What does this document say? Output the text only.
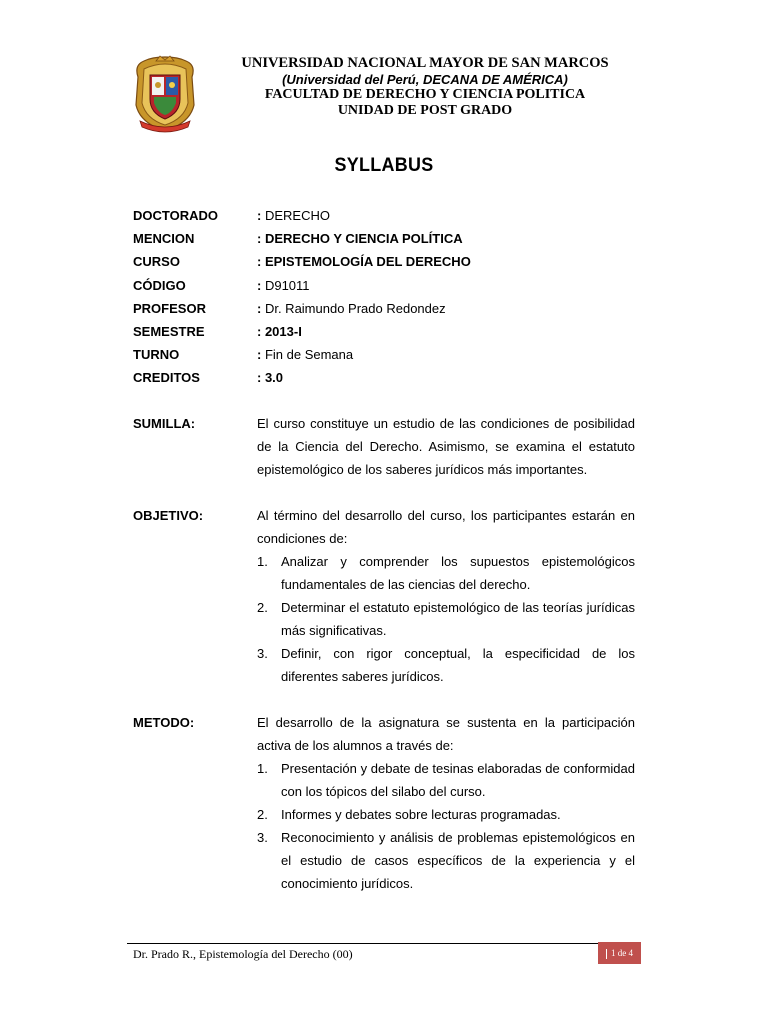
UNIVERSIDAD NACIONAL MAYOR DE SAN MARCOS
(Universidad del Perú, DECANA DE AMÉRICA)
FACULTAD DE DERECHO Y CIENCIA POLITICA
UNIDAD DE POST GRADO
SYLLABUS
DOCTORADO	: DERECHO
MENCION	: DERECHO Y CIENCIA POLÍTICA
CURSO	: EPISTEMOLOGÍA DEL DERECHO
CÓDIGO	: D91011
PROFESOR	: Dr. Raimundo Prado Redondez
SEMESTRE	: 2013-I
TURNO	: Fin de Semana
CREDITOS	: 3.0
SUMILLA:	El curso constituye un estudio de las condiciones de posibilidad de la Ciencia del Derecho. Asimismo, se examina el estatuto epistemológico de los saberes jurídicos más importantes.

OBJETIVO:	Al término del desarrollo del curso, los participantes estarán en condiciones de:

1. Analizar y comprender los supuestos epistemológicos fundamentales de las ciencias del derecho.
2. Determinar el estatuto epistemológico de las teorías jurídicas más significativas.
3. Definir, con rigor conceptual, la especificidad de los diferentes saberes jurídicos.
METODO:	El desarrollo de la asignatura se sustenta en la participación activa de los alumnos a través de:

1. Presentación y debate de tesinas elaboradas de conformidad con los tópicos del silabo del curso.
2. Informes y debates sobre lecturas programadas.
3. Reconocimiento y análisis de problemas epistemológicos en el estudio de casos específicos de la experiencia y el conocimiento jurídicos.
Dr. Prado R., Epistemología del Derecho (00)	1 de 4
